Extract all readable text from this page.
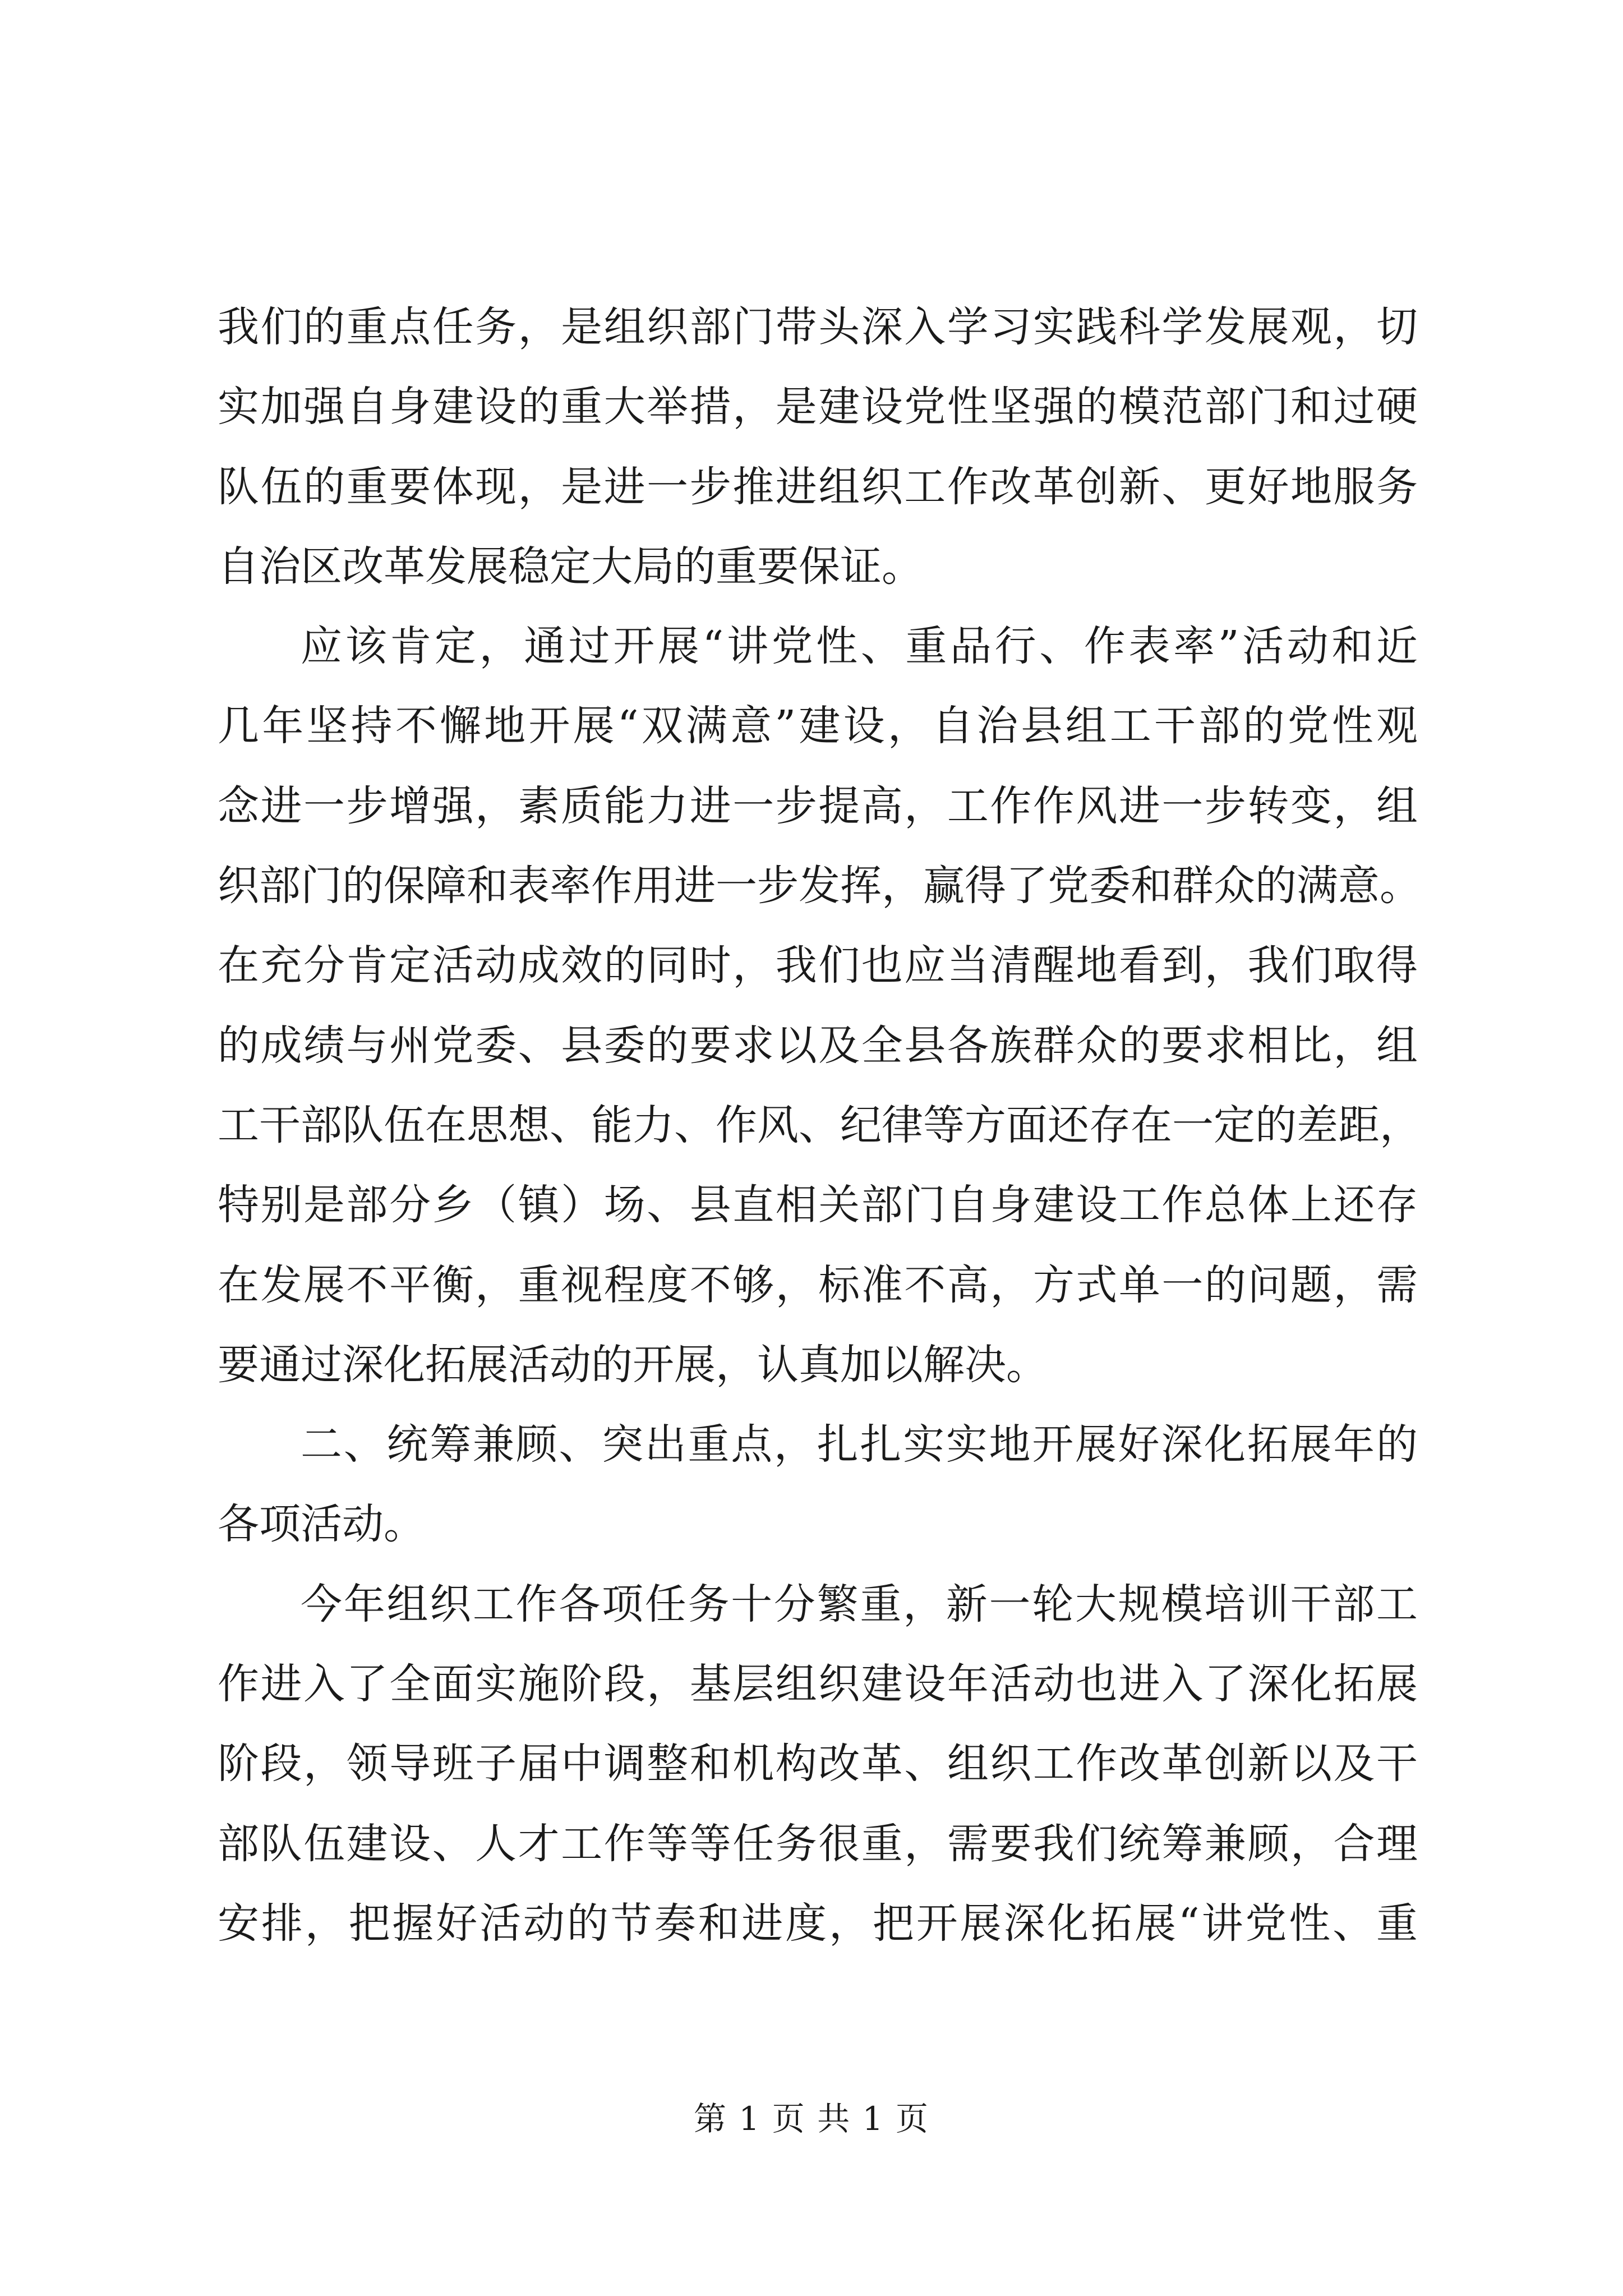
我们的重点任务，是组织部门带头深入学习实践科学发展观，切
实加强自身建设的重大举措，是建设党性坚强的模范部门和过硬
队伍的重要体现，是进一步推进组织工作改革创新、更好地服务
自治区改革发展稳定大局的重要保证。
应该肯定，通过开展“讲党性、重品行、作表率”活动和近
几年坚持不懈地开展“双满意”建设，自治县组工干部的党性观
念进一步增强，素质能力进一步提高，工作作风进一步转变，组
织部门的保障和表率作用进一步发挥，赢得了党委和群众的满意。
在充分肯定活动成效的同时，我们也应当清醒地看到，我们取得
的成绩与州党委、县委的要求以及全县各族群众的要求相比，组
工干部队伍在思想、能力、作风、纪律等方面还存在一定的差距，
特别是部分乡（镇）场、县直相关部门自身建设工作总体上还存
在发展不平衡，重视程度不够，标准不高，方式单一的问题，需
要通过深化拓展活动的开展，认真加以解决。
二、统筹兼顾、突出重点，扎扎实实地开展好深化拓展年的
各项活动。
今年组织工作各项任务十分繁重，新一轮大规模培训干部工
作进入了全面实施阶段，基层组织建设年活动也进入了深化拓展
阶段，领导班子届中调整和机构改革、组织工作改革创新以及干
部队伍建设、人才工作等等任务很重，需要我们统筹兼顾，合理
安排，把握好活动的节奏和进度，把开展深化拓展“讲党性、重
第 1 页 共 1 页
